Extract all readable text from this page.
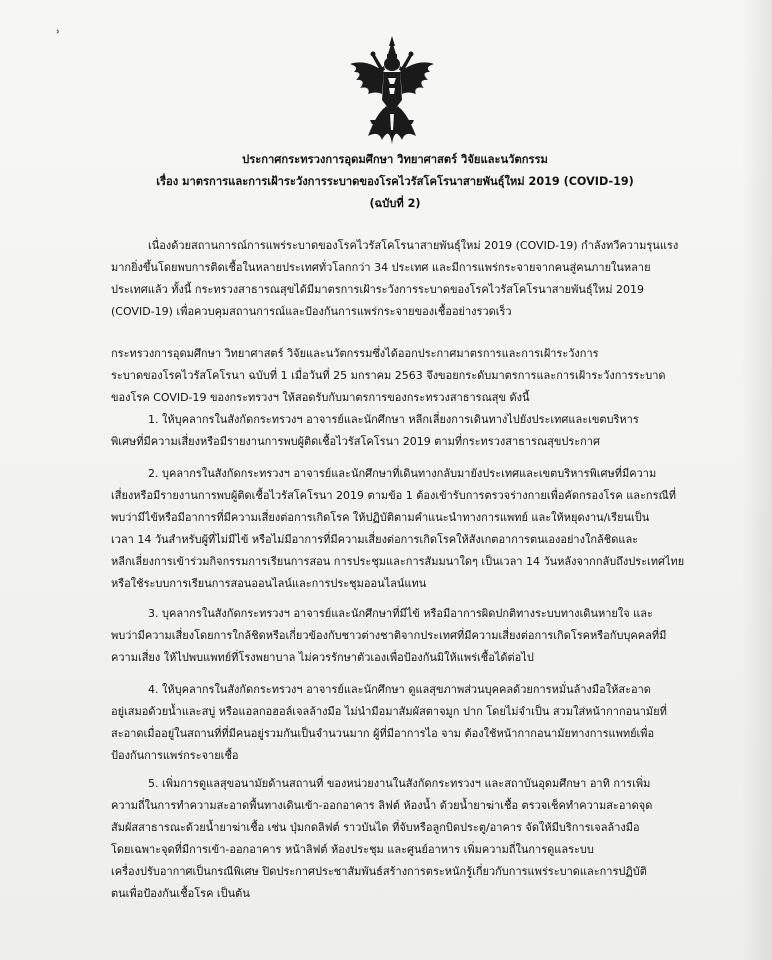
˒
ประกาศกระทรวงการอุดมศึกษา วิทยาศาสตร์ วิจัยและนวัตกรรม
เรื่อง มาตรการและการเฝ้าระวังการระบาดของโรคไวรัสโคโรนาสายพันธุ์ใหม่ 2019 (COVID-19)
(ฉบับที่ 2)
เนื่องด้วยสถานการณ์การแพร่ระบาดของโรคไวรัสโคโรนาสายพันธุ์ใหม่ 2019 (COVID-19) กำลังทวีความรุนแรง
มากยิ่งขึ้นโดยพบการติดเชื้อในหลายประเทศทั่วโลกกว่า 34 ประเทศ และมีการแพร่กระจายจากคนสู่คนภายในหลาย
ประเทศแล้ว ทั้งนี้ กระทรวงสาธารณสุขได้มีมาตรการเฝ้าระวังการระบาดของโรคไวรัสโคโรนาสายพันธุ์ใหม่ 2019
(COVID-19) เพื่อควบคุมสถานการณ์และป้องกันการแพร่กระจายของเชื้ออย่างรวดเร็ว
กระทรวงการอุดมศึกษา วิทยาศาสตร์ วิจัยและนวัตกรรมซึ่งได้ออกประกาศมาตรการและการเฝ้าระวังการ
ระบาดของโรคไวรัสโคโรนา ฉบับที่ 1 เมื่อวันที่ 25 มกราคม 2563 จึงขอยกระดับมาตรการและการเฝ้าระวังการระบาด
ของโรค COVID-19 ของกระทรวงฯ ให้สอดรับกับมาตรการของกระทรวงสาธารณสุข ดังนี้
1. ให้บุคลากรในสังกัดกระทรวงฯ อาจารย์และนักศึกษา หลีกเลี่ยงการเดินทางไปยังประเทศและเขตบริหาร
พิเศษที่มีความเสี่ยงหรือมีรายงานการพบผู้ติดเชื้อไวรัสโคโรนา 2019 ตามที่กระทรวงสาธารณสุขประกาศ
2. บุคลากรในสังกัดกระทรวงฯ อาจารย์และนักศึกษาที่เดินทางกลับมายังประเทศและเขตบริหารพิเศษที่มีความ
เสี่ยงหรือมีรายงานการพบผู้ติดเชื้อไวรัสโคโรนา 2019 ตามข้อ 1 ต้องเข้ารับการตรวจร่างกายเพื่อคัดกรองโรค และกรณีที่
พบว่ามีไข้หรือมีอาการที่มีความเสี่ยงต่อการเกิดโรค ให้ปฏิบัติตามคำแนะนำทางการแพทย์ และให้หยุดงาน/เรียนเป็น
เวลา 14 วันสำหรับผู้ที่ไม่มีไข้ หรือไม่มีอาการที่มีความเสี่ยงต่อการเกิดโรคให้สังเกตอาการตนเองอย่างใกล้ชิดและ
หลีกเลี่ยงการเข้าร่วมกิจกรรมการเรียนการสอน การประชุมและการสัมมนาใดๆ เป็นเวลา 14 วันหลังจากกลับถึงประเทศไทย
หรือใช้ระบบการเรียนการสอนออนไลน์และการประชุมออนไลน์แทน
3. บุคลากรในสังกัดกระทรวงฯ อาจารย์และนักศึกษาที่มีไข้ หรือมีอาการผิดปกติทางระบบทางเดินหายใจ และ
พบว่ามีความเสี่ยงโดยการใกล้ชิดหรือเกี่ยวข้องกับชาวต่างชาติจากประเทศที่มีความเสี่ยงต่อการเกิดโรคหรือกับบุคคลที่มี
ความเสี่ยง ให้ไปพบแพทย์ที่โรงพยาบาล ไม่ควรรักษาตัวเองเพื่อป้องกันมิให้แพร่เชื้อได้ต่อไป
4. ให้บุคลากรในสังกัดกระทรวงฯ อาจารย์และนักศึกษา ดูแลสุขภาพส่วนบุคคลด้วยการหมั่นล้างมือให้สะอาด
อยู่เสมอด้วยน้ำและสบู่ หรือแอลกอฮอล์เจลล้างมือ ไม่นำมือมาสัมผัสตาจมูก ปาก โดยไม่จำเป็น สวมใส่หน้ากากอนามัยที่
สะอาดเมื่ออยู่ในสถานที่ที่มีคนอยู่รวมกันเป็นจำนวนมาก ผู้ที่มีอาการไอ จาม ต้องใช้หน้ากากอนามัยทางการแพทย์เพื่อ
ป้องกันการแพร่กระจายเชื้อ
5. เพิ่มการดูแลสุขอนามัยด้านสถานที่ ของหน่วยงานในสังกัดกระทรวงฯ และสถาบันอุดมศึกษา อาทิ การเพิ่ม
ความถี่ในการทำความสะอาดพื้นทางเดินเข้า-ออกอาคาร ลิฟต์ ห้องน้ำ ด้วยน้ำยาฆ่าเชื้อ ตรวจเช็คทำความสะอาดจุด
สัมผัสสาธารณะด้วยน้ำยาฆ่าเชื้อ เช่น ปุ่มกดลิฟต์ ราวบันได ที่จับหรือลูกบิดประตู/อาคาร จัดให้มีบริการเจลล้างมือ
โดยเฉพาะจุดที่มีการเข้า-ออกอาคาร หน้าลิฟต์ ห้องประชุม และศูนย์อาหาร เพิ่มความถี่ในการดูแลระบบ
เครื่องปรับอากาศเป็นกรณีพิเศษ ปิดประกาศประชาสัมพันธ์สร้างการตระหนักรู้เกี่ยวกับการแพร่ระบาดและการปฏิบัติ
ตนเพื่อป้องกันเชื้อโรค เป็นต้น
